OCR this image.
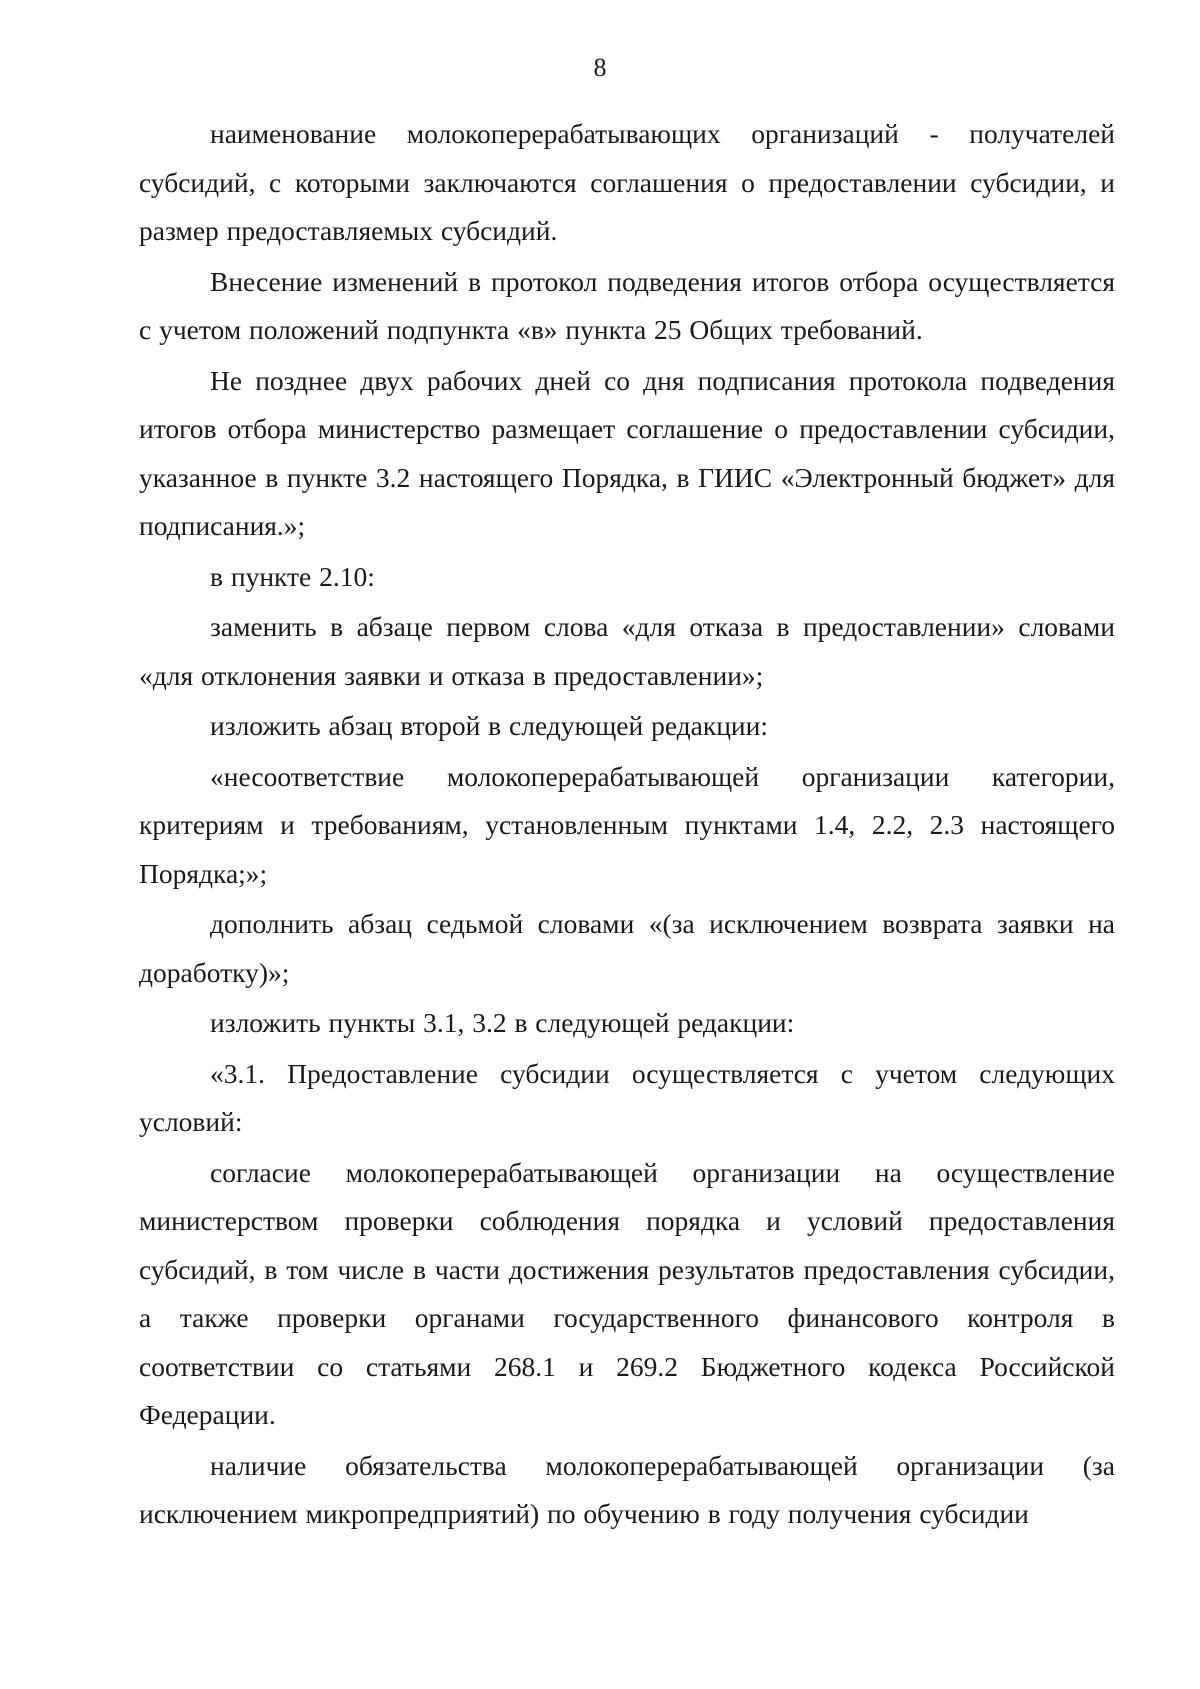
8

наименование молокоперерабатывающих организаций - получателей субсидий, с которыми заключаются соглашения о предоставлении субсидии, и размер предоставляемых субсидий.

Внесение изменений в протокол подведения итогов отбора осуществляется с учетом положений подпункта «в» пункта 25 Общих требований.

Не позднее двух рабочих дней со дня подписания протокола подведения итогов отбора министерство размещает соглашение о предоставлении субсидии, указанное в пункте 3.2 настоящего Порядка, в ГИИС «Электронный бюджет» для подписания.»;

в пункте 2.10:

заменить в абзаце первом слова «для отказа в предоставлении» словами «для отклонения заявки и отказа в предоставлении»;

изложить абзац второй в следующей редакции:

«несоответствие молокоперерабатывающей организации категории, критериям и требованиям, установленным пунктами 1.4, 2.2, 2.3 настоящего Порядка;»;

дополнить абзац седьмой словами «(за исключением возврата заявки на доработку)»;

изложить пункты 3.1, 3.2 в следующей редакции:

«3.1. Предоставление субсидии осуществляется с учетом следующих условий:

согласие молокоперерабатывающей организации на осуществление министерством проверки соблюдения порядка и условий предоставления субсидий, в том числе в части достижения результатов предоставления субсидии, а также проверки органами государственного финансового контроля в соответствии со статьями 268.1 и 269.2 Бюджетного кодекса Российской Федерации.

наличие обязательства молокоперерабатывающей организации (за исключением микропредприятий) по обучению в году получения субсидии
